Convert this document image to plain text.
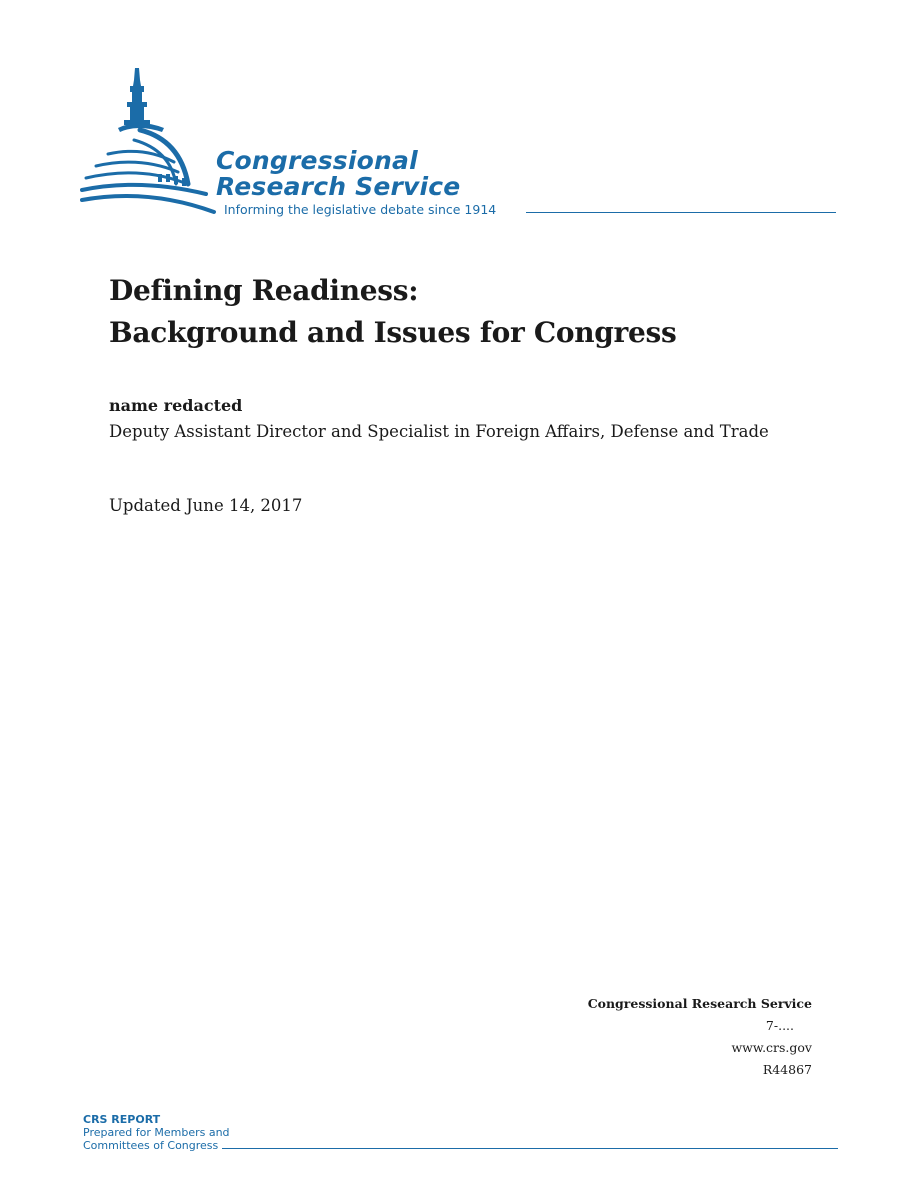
Congressional
Research Service
Informing the legislative debate since 1914
Defining Readiness:
Background and Issues for Congress
name redacted
Deputy Assistant Director and Specialist in Foreign Affairs, Defense and Trade
Updated June 14, 2017
Congressional Research Service
7-....
www.crs.gov
R44867
CRS REPORT
Prepared for Members and
Committees of Congress
